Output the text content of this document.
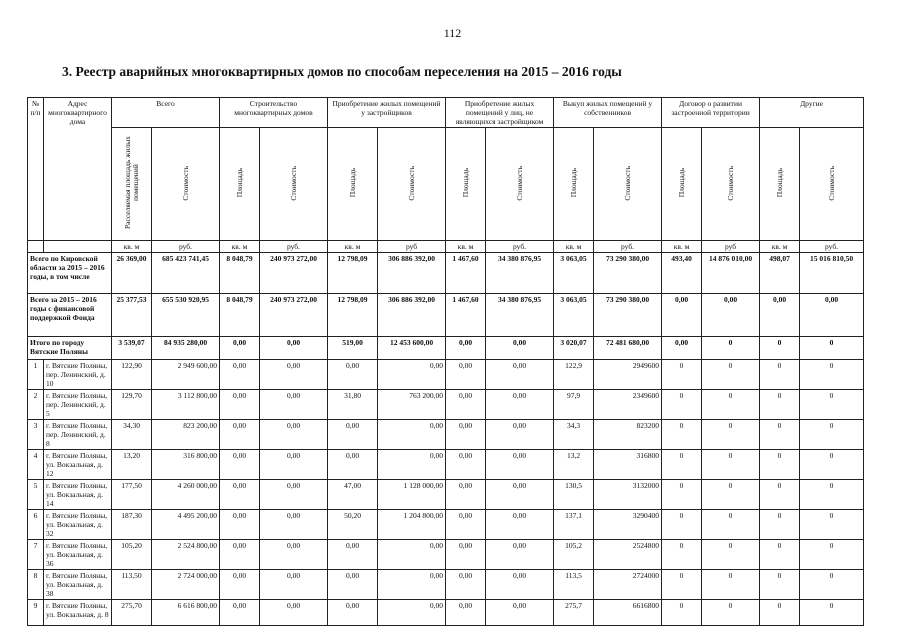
112
3. Реестр аварийных многоквартирных домов по способам переселения на 2015 – 2016 годы
№ п/п	Адрес многоквартирного дома	Всего		Строительство многоквартирных домов		Приобретение жилых помещений у застройщиков		Приобретение жилых помещений у лиц, не являющихся застройщиком		Выкуп жилых помещений у собственников		Договор о развитии застроенной территории		Другие	
		Расселяемая площадь жилых помещений	Стоимость	Площадь	Стоимость	Площадь	Стоимость	Площадь	Стоимость	Площадь	Стоимость	Площадь	Стоимость	Площадь	Стоимость
		кв. м	руб.	кв. м	руб.	кв. м	руб	кв. м	руб.	кв. м	руб.	кв. м	руб	кв. м	руб.
Всего по Кировской области за 2015 – 2016 годы, в том числе		26 369,00	685 423 741,45	8 048,79	240 973 272,00	12 798,09	306 886 392,00	1 467,60	34 380 876,95	3 063,05	73 290 380,00	493,40	14 876 010,00	498,07	15 016 810,50
Всего за 2015 – 2016 годы с финансовой поддержкой Фонда		25 377,53	655 530 920,95	8 048,79	240 973 272,00	12 798,09	306 886 392,00	1 467,60	34 380 876,95	3 063,05	73 290 380,00	0,00	0,00	0,00	0,00
Итого по городу Вятские Поляны		3 539,07	84 935 280,00	0,00	0,00	519,00	12 453 600,00	0,00	0,00	3 020,07	72 481 680,00	0,00	0	0	0
1	г. Вятские Поляны, пер. Ленинский, д. 10	122,90	2 949 600,00	0,00	0,00	0,00	0,00	0,00	0,00	122,9	2949600	0	0	0	0
2	г. Вятские Поляны, пер. Ленинский, д. 5	129,70	3 112 800,00	0,00	0,00	31,80	763 200,00	0,00	0,00	97,9	2349600	0	0	0	0
3	г. Вятские Поляны, пер. Ленинский, д. 8	34,30	823 200,00	0,00	0,00	0,00	0,00	0,00	0,00	34,3	823200	0	0	0	0
4	г. Вятские Поляны, ул. Вокзальная, д. 12	13,20	316 800,00	0,00	0,00	0,00	0,00	0,00	0,00	13,2	316800	0	0	0	0
5	г. Вятские Поляны, ул. Вокзальная, д. 14	177,50	4 260 000,00	0,00	0,00	47,00	1 128 000,00	0,00	0,00	130,5	3132000	0	0	0	0
6	г. Вятские Поляны, ул. Вокзальная, д. 32	187,30	4 495 200,00	0,00	0,00	50,20	1 204 800,00	0,00	0,00	137,1	3290400	0	0	0	0
7	г. Вятские Поляны, ул. Вокзальная, д. 36	105,20	2 524 800,00	0,00	0,00	0,00	0,00	0,00	0,00	105,2	2524800	0	0	0	0
8	г. Вятские Поляны, ул. Вокзальная, д. 38	113,50	2 724 000,00	0,00	0,00	0,00	0,00	0,00	0,00	113,5	2724000	0	0	0	0
9	г. Вятские Поляны, ул. Вокзальная, д. 8	275,70	6 616 800,00	0,00	0,00	0,00	0,00	0,00	0,00	275,7	6616800	0	0	0	0
